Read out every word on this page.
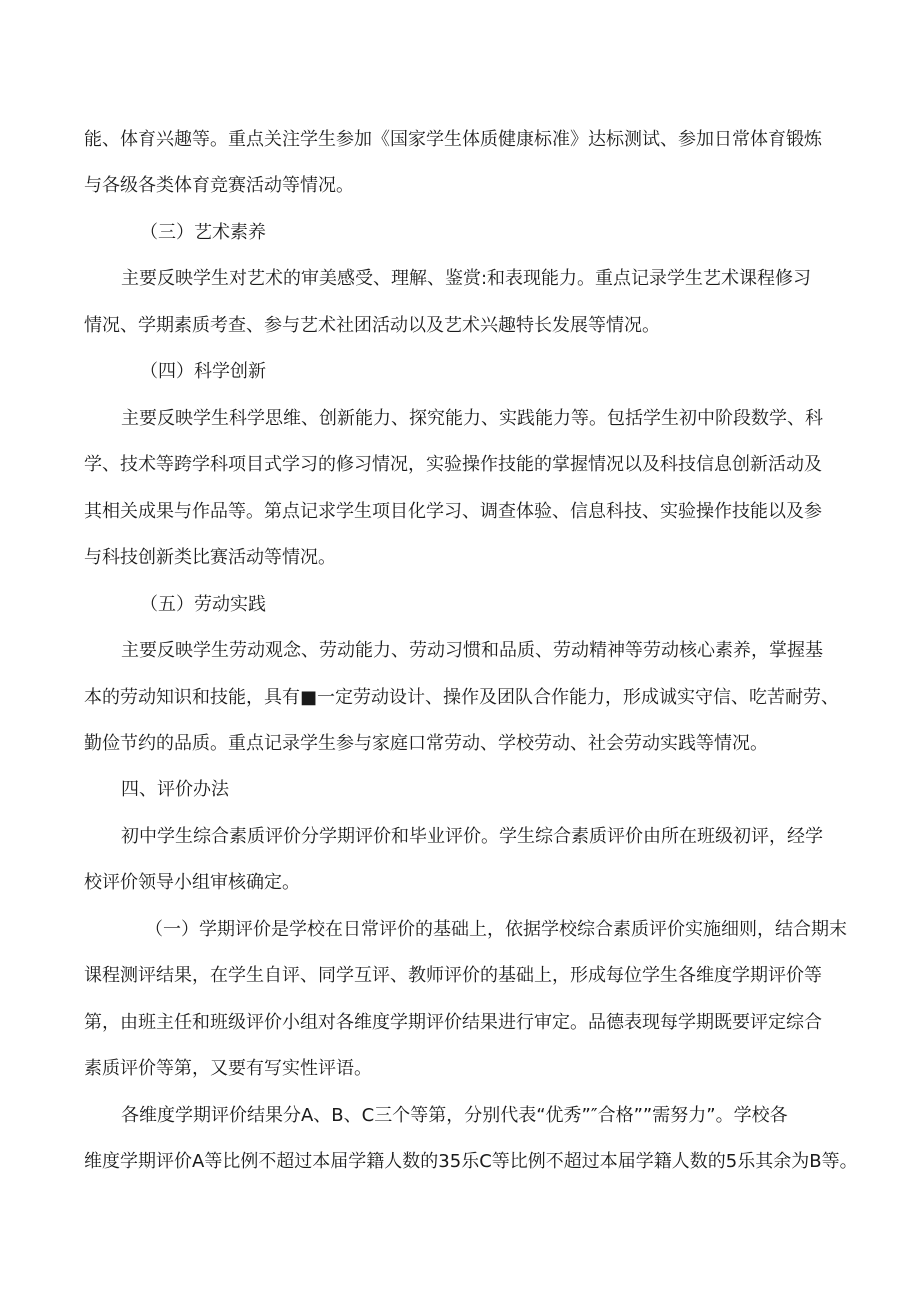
能、体育兴趣等。重点关注学生参加《国家学生体质健康标准》达标测试、参加日常体育锻炼
与各级各类体育竞赛活动等情况。
（三）艺术素养
主要反映学生对艺术的审美感受、理解、鉴赏:和表现能力。重点记录学生艺术课程修习
情况、学期素质考查、参与艺术社团活动以及艺术兴趣特长发展等情况。
（四）科学创新
主要反映学生科学思维、创新能力、探究能力、实践能力等。包括学生初中阶段数学、科
学、技术等跨学科项目式学习的修习情况，实验操作技能的掌握情况以及科技信息创新活动及
其相关成果与作品等。第点记求学生项目化学习、调查体验、信息科技、实验操作技能以及参
与科技创新类比赛活动等情况。
（五）劳动实践
主要反映学生劳动观念、劳动能力、劳动习惯和品质、劳动精神等劳动核心素养，掌握基
本的劳动知识和技能，具有■一定劳动设计、操作及团队合作能力，形成诚实守信、吃苦耐劳、
勤俭节约的品质。重点记录学生参与家庭口常劳动、学校劳动、社会劳动实践等情况。
四、评价办法
初中学生综合素质评价分学期评价和毕业评价。学生综合素质评价由所在班级初评，经学
校评价领导小组审核确定。
（一）学期评价是学校在日常评价的基础上，依据学校综合素质评价实施细则，结合期末
课程测评结果，在学生自评、同学互评、教师评价的基础上，形成每位学生各维度学期评价等
第，由班主任和班级评价小组对各维度学期评价结果进行审定。品德表现每学期既要评定综合
素质评价等第，又要有写实性评语。
各维度学期评价结果分A、B、C三个等第，分别代表“优秀”″合格””需努力”。学校各
维度学期评价A等比例不超过本届学籍人数的35乐C等比例不超过本届学籍人数的5乐其余为B等。
